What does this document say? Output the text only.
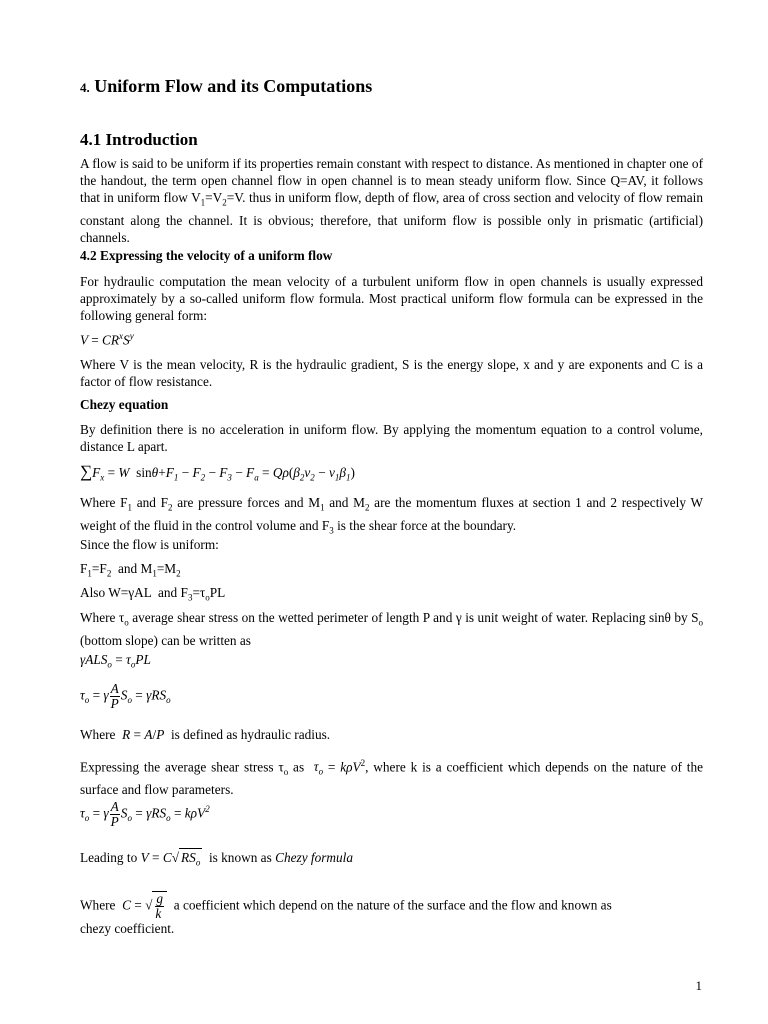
4. Uniform Flow and its Computations
4.1 Introduction

A flow is said to be uniform if its properties remain constant with respect to distance. As mentioned in chapter one of the handout, the term open channel flow in open channel is to mean steady uniform flow. Since Q=AV, it follows that in uniform flow $V_1=V_2=V$. thus in uniform flow, depth of flow, area of cross section and velocity of flow remain constant along the channel. It is obvious; therefore, that uniform flow is possible only in prismatic (artificial) channels.

4.2 Expressing the velocity of a uniform flow

For hydraulic computation the mean velocity of a turbulent uniform flow in open channels is usually expressed approximately by a so-called uniform flow formula. Most practical uniform flow formula can be expressed in the following general form:

$V = CR^xS^y$

Where V is the mean velocity, R is the hydraulic gradient, S is the energy slope, x and y are exponents and C is a factor of flow resistance.

Chezy equation

By definition there is no acceleration in uniform flow. By applying the momentum equation to a control volume, distance L apart.

$\sum F_x = W$  $\sin\theta+F_1 - F_2 - F_3 - F_a = Q\rho(\beta_2v_2 - v_1\beta_1)$

Where $F_1$ and $F_2$ are pressure forces and $M_1$ and $M_2$ are the momentum fluxes at section 1 and 2 respectively W weight of the fluid in the control volume and $F_3$ is the shear force at the boundary.

Since the flow is uniform:

$F_1=F_2$  and $M_1=M_2$

Also W=γAL  and $F_3=\tau_oPL$

Where $\tau_o$ average shear stress on the wetted perimeter of length P and γ is unit weight of water. Replacing sinθ by $S_o$ (bottom slope) can be written as

$\gamma ALS_o = \tau_oPL$
$\tau_o = \gamma \frac{A}{P} S_o = \gamma RS_o$

Where R = A/P  is defined as hydraulic radius.

Expressing the average shear stress $\tau_o$ as  $\tau_o = k\rho V^2$, where k is a coefficient which depends on the nature of the surface and flow parameters.

$\tau_o = \gamma \frac{A}{P} S_o = \gamma RS_o = k\rho V^2$

Leading to V = C√ $RS_o$ is known as Chezy formula

Where C = √ $\frac{g}{k}$ a coefficient which depend on the nature of the surface and the flow and known as

chezy coefficient.

1
